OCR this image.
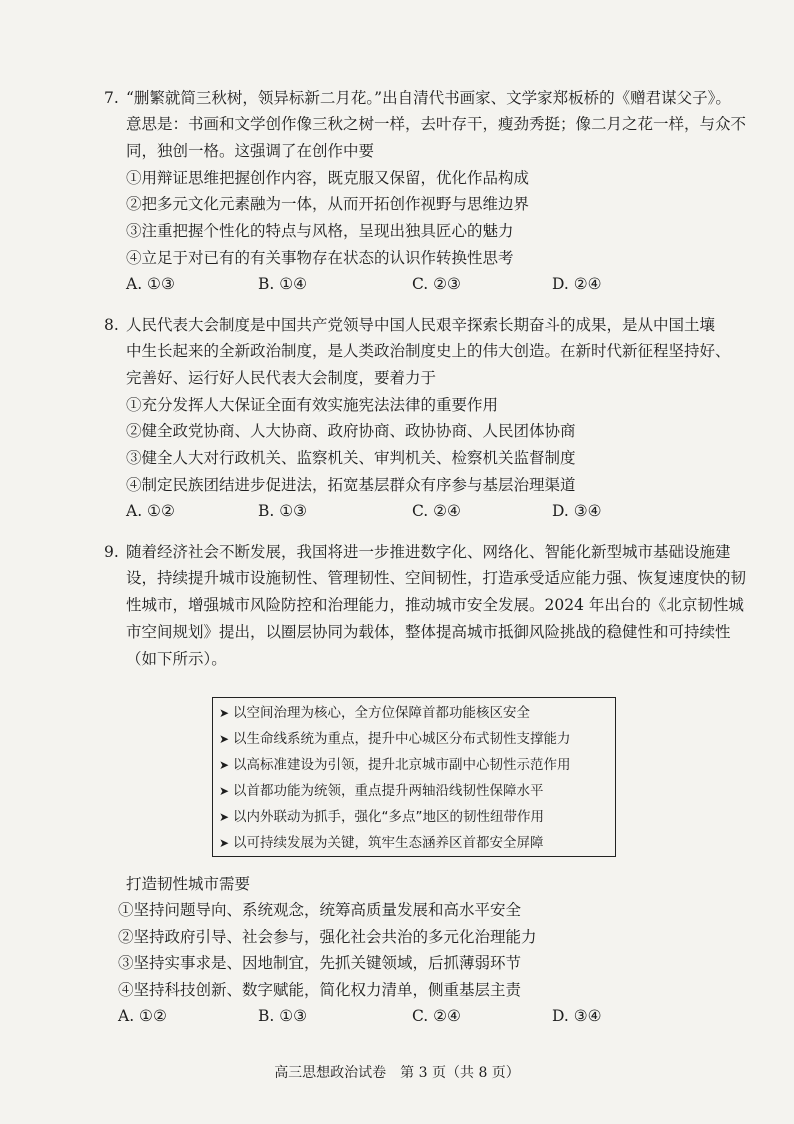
7. “删繁就简三秋树，领异标新二月花。”出自清代书画家、文学家郑板桥的《赠君谋父子》。
意思是：书画和文学创作像三秋之树一样，去叶存干，瘦劲秀挺；像二月之花一样，与众不
同，独创一格。这强调了在创作中要
①用辩证思维把握创作内容，既克服又保留，优化作品构成
②把多元文化元素融为一体，从而开拓创作视野与思维边界
③注重把握个性化的特点与风格，呈现出独具匠心的魅力
④立足于对已有的有关事物存在状态的认识作转换性思考
A. ①③	B. ①④	C. ②③	D. ②④
8. 人民代表大会制度是中国共产党领导中国人民艰辛探索长期奋斗的成果，是从中国土壤
中生长起来的全新政治制度，是人类政治制度史上的伟大创造。在新时代新征程坚持好、
完善好、运行好人民代表大会制度，要着力于
①充分发挥人大保证全面有效实施宪法法律的重要作用
②健全政党协商、人大协商、政府协商、政协协商、人民团体协商
③健全人大对行政机关、监察机关、审判机关、检察机关监督制度
④制定民族团结进步促进法，拓宽基层群众有序参与基层治理渠道
A. ①②	B. ①③	C. ②④	D. ③④
9. 随着经济社会不断发展，我国将进一步推进数字化、网络化、智能化新型城市基础设施建
设，持续提升城市设施韧性、管理韧性、空间韧性，打造承受适应能力强、恢复速度快的韧
性城市，增强城市风险防控和治理能力，推动城市安全发展。2024 年出台的《北京韧性城
市空间规划》提出，以圈层协同为载体，整体提高城市抵御风险挑战的稳健性和可持续性
（如下所示）。
➤ 以空间治理为核心，全方位保障首都功能核区安全
➤ 以生命线系统为重点，提升中心城区分布式韧性支撑能力
➤ 以高标准建设为引领，提升北京城市副中心韧性示范作用
➤ 以首都功能为统领，重点提升两轴沿线韧性保障水平
➤ 以内外联动为抓手，强化“多点”地区的韧性纽带作用
➤ 以可持续发展为关键，筑牢生态涵养区首都安全屏障
打造韧性城市需要
①坚持问题导向、系统观念，统筹高质量发展和高水平安全
②坚持政府引导、社会参与，强化社会共治的多元化治理能力
③坚持实事求是、因地制宜，先抓关键领域，后抓薄弱环节
④坚持科技创新、数字赋能，简化权力清单，侧重基层主责
A. ①②	B. ①③	C. ②④	D. ③④
高三思想政治试卷　第 3 页（共 8 页）
